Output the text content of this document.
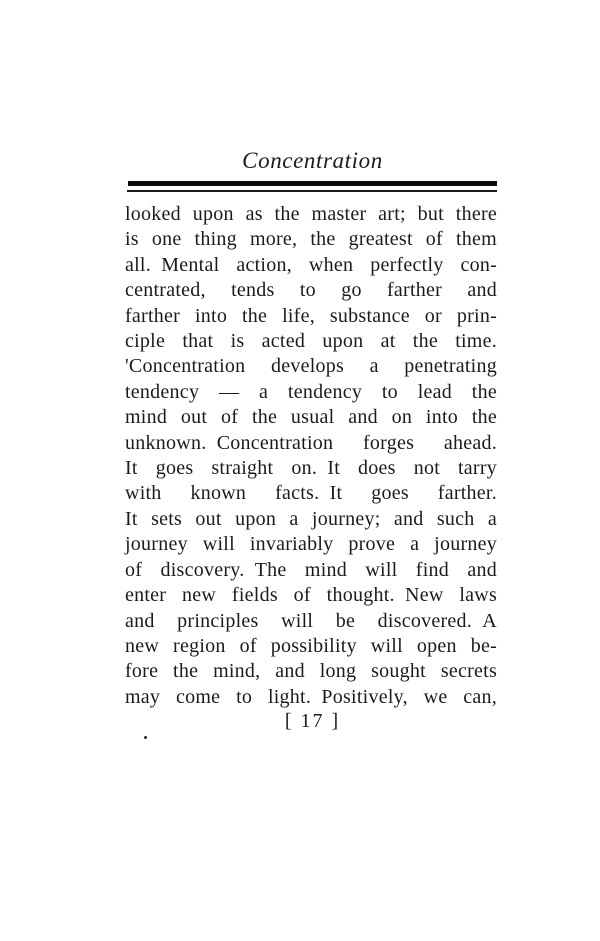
Concentration
looked upon as the master art; but there
is one thing more, the greatest of them
all. Mental action, when perfectly con-
centrated, tends to go farther and
farther into the life, substance or prin-
ciple that is acted upon at the time.
'Concentration develops a penetrating
tendency — a tendency to lead the
mind out of the usual and on into the
unknown. Concentration forges ahead.
It goes straight on. It does not tarry
with known facts. It goes farther.
It sets out upon a journey; and such a
journey will invariably prove a journey
of discovery. The mind will find and
enter new fields of thought. New laws
and principles will be discovered. A
new region of possibility will open be-
fore the mind, and long sought secrets
may come to light. Positively, we can,
[ 17 ]
